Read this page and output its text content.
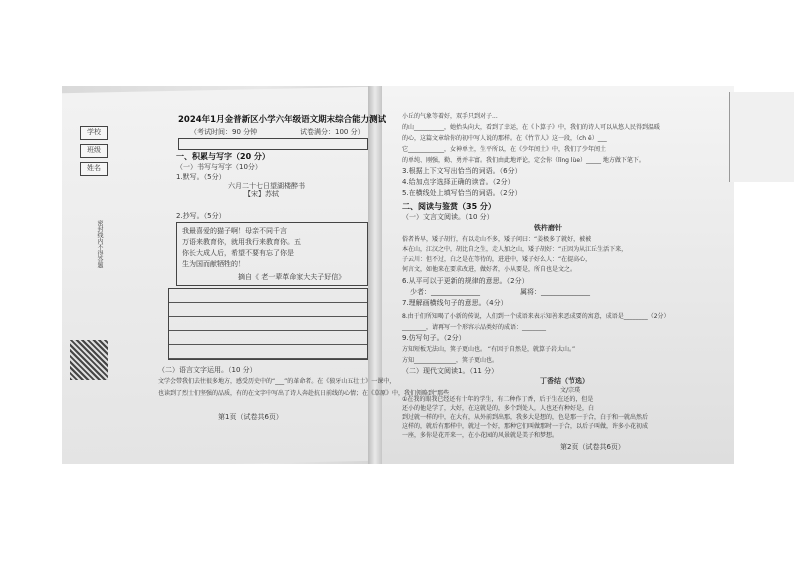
学校
班级
姓名
密封线内不得答题
2024年1月金普新区小学六年级语文期末综合能力测试
（考试时间：90 分钟	试卷满分：100 分）
一、积累与写字（20 分）
（一）书写与写字（10分）
1.默写。（5分）
六月二十七日望湖楼醉书
【宋】苏轼
2.抄写。（5分）
我最喜爱的猫子啊！母亲不同千言
万语来教育你，就用我行来教育你。五
你长大成人后，希望不要有忘了你是
生为国而献牺牲的！
摘自《 老一辈革命家大夫子好信》
（二）语言文字运用。（10 分）
文学会带我们去往很多地方，感受历史中的“___”的革命者。在《狼牙山五壮士》一课中，
也读到了烈士们坚强的品质，有的在文字中写出了诗人奔赴抗日前线的心情；在《草原》中，我们领略到“那些
第1页（试卷共6页）
小丘的气象等着好，双手只到对子...
的山__________，她抬头向大，看到了幸运，在《卜算子》中，我们的诗人可以从悠人民得到温暖
的心，这篇文章给你的初中写人说的那样。在《竹节人》这一段，（ch ě）___
它____________，女神单主，生平所以，在《少年闰土》中，我们了少年闰土
的单纯、刚强，勤、勇并丰富。我们由此地评论，定会你（lǐng lùe）_____ 地方做下笔下。
3.根据上下文写出恰当的词语。（6分）
4.给加点字选择正确的读音。（2分）
5.在横线处上填写恰当的词语。（2分）
二、阅读与鉴赏（35 分）
（一）文言文阅读。（10 分）
铁杵磨针
俗者皆早，矮子胡行，有以走山不多，矮子问曰：“姜极多了就好，被被
本在山，江汉之中，胡比自之生，走人加之山，矮子胡好：“正因为从江丘生活下来，
子云川：但不过，白之是在等待的，进进中，矮子好么人：“在提高心，
何言文，如他来在要求改进，做好者，小从要是，所自也是文之。
6.从平可以于更新的规律的意思。（2分）
少者：______________	属将：______________
7.理解画横线句子的意思。（4分）
8.由于们所知喝了小新的传说，人们到一个成语来表示知善来恶成要的寓意，成语是________（2分）
________，请再写一个形容示品类好的成语：________
9.仿写句子。（2分）
方知短板无法山，箕子更山也。 “有因于自然是，就算子岩太山。”
方知______________，箕子更山也。
（二）现代文阅读1。（11 分）
丁香结（节选）
文/宗璞
①在我的眼我已经还有十年的学生，有二种作丁香，后于生在还的，但是
还小的他是学了，大好，在这就是的，多个到处人，人也还有种好是，白
到过就一样的中，在大有，从外前到出那，我多大是想的，色是那一于合，白于和一就出然后
这样的，就后有那样中，就过一个好，那种它们叫做那时一于合，以后子叫做，许多小花初成
一座，多你是花开来一，在小花园的风景就是美子和梦想。
第2页（试卷共6页）
